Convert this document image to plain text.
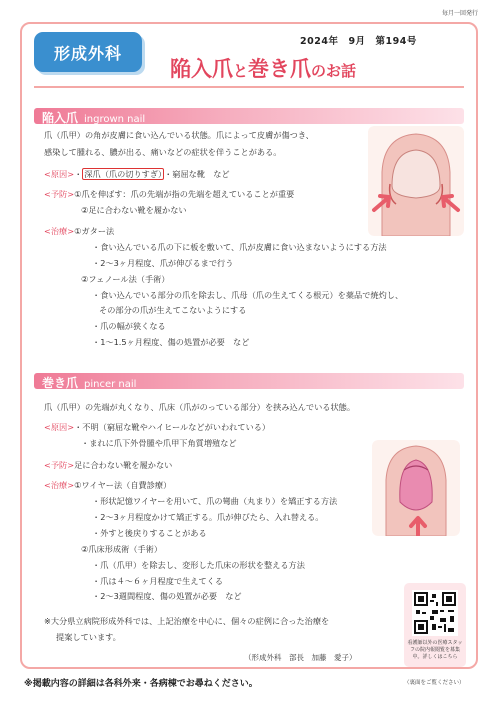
毎月一回発行
形成外科
2024年　9月　第194号
陥入爪と巻き爪のお話
陥入爪 ingrown nail
爪（爪甲）の角が皮膚に食い込んでいる状態。爪によって皮膚が傷つき、
感染して腫れる、膿が出る、痛いなどの症状を伴うことがある。
<原因>・ 深爪（爪の切りすぎ） ・窮屈な靴　など
<予防>①爪を伸ばす：爪の先端が指の先端を超えていることが重要
②足に合わない靴を履かない
<治療>①ガター法
・食い込んでいる爪の下に板を敷いて、爪が皮膚に食い込まないようにする方法
・2～3ヶ月程度、爪が伸びるまで行う
②フェノール法（手術）
・食い込んでいる部分の爪を除去し、爪母（爪の生えてくる根元）を薬品で焼灼し、
その部分の爪が生えてこないようにする
・爪の幅が狭くなる
・1～1.5ヶ月程度、傷の処置が必要　など
巻き爪 pincer nail
爪（爪甲）の先端が丸くなり、爪床（爪がのっている部分）を挟み込んでいる状態。
<原因>・不明（窮屈な靴やハイヒールなどがいわれている）
・まれに爪下外骨腫や爪甲下角質増殖など
<予防>足に合わない靴を履かない
<治療>①ワイヤー法（自費診療）
・形状記憶ワイヤーを用いて、爪の彎曲（丸まり）を矯正する方法
・2～3ヶ月程度かけて矯正する。爪が伸びたら、入れ替える。
・外すと後戻りすることがある
②爪床形成術（手術）
・爪（爪甲）を除去し、変形した爪床の形状を整える方法
・爪は４～６ヶ月程度で生えてくる
・2～3週間程度、傷の処置が必要　など
※大分県立病院形成外科では、上記治療を中心に、個々の症例に合った治療を
提案しています。
（形成外科　部長　加藤　愛子）
看護師以外の医療スタッフの院内報閲覧を募集中。詳しくはこちら
※掲載内容の詳細は各科外来・各病棟でお尋ねください。	（裏面をご覧ください）
